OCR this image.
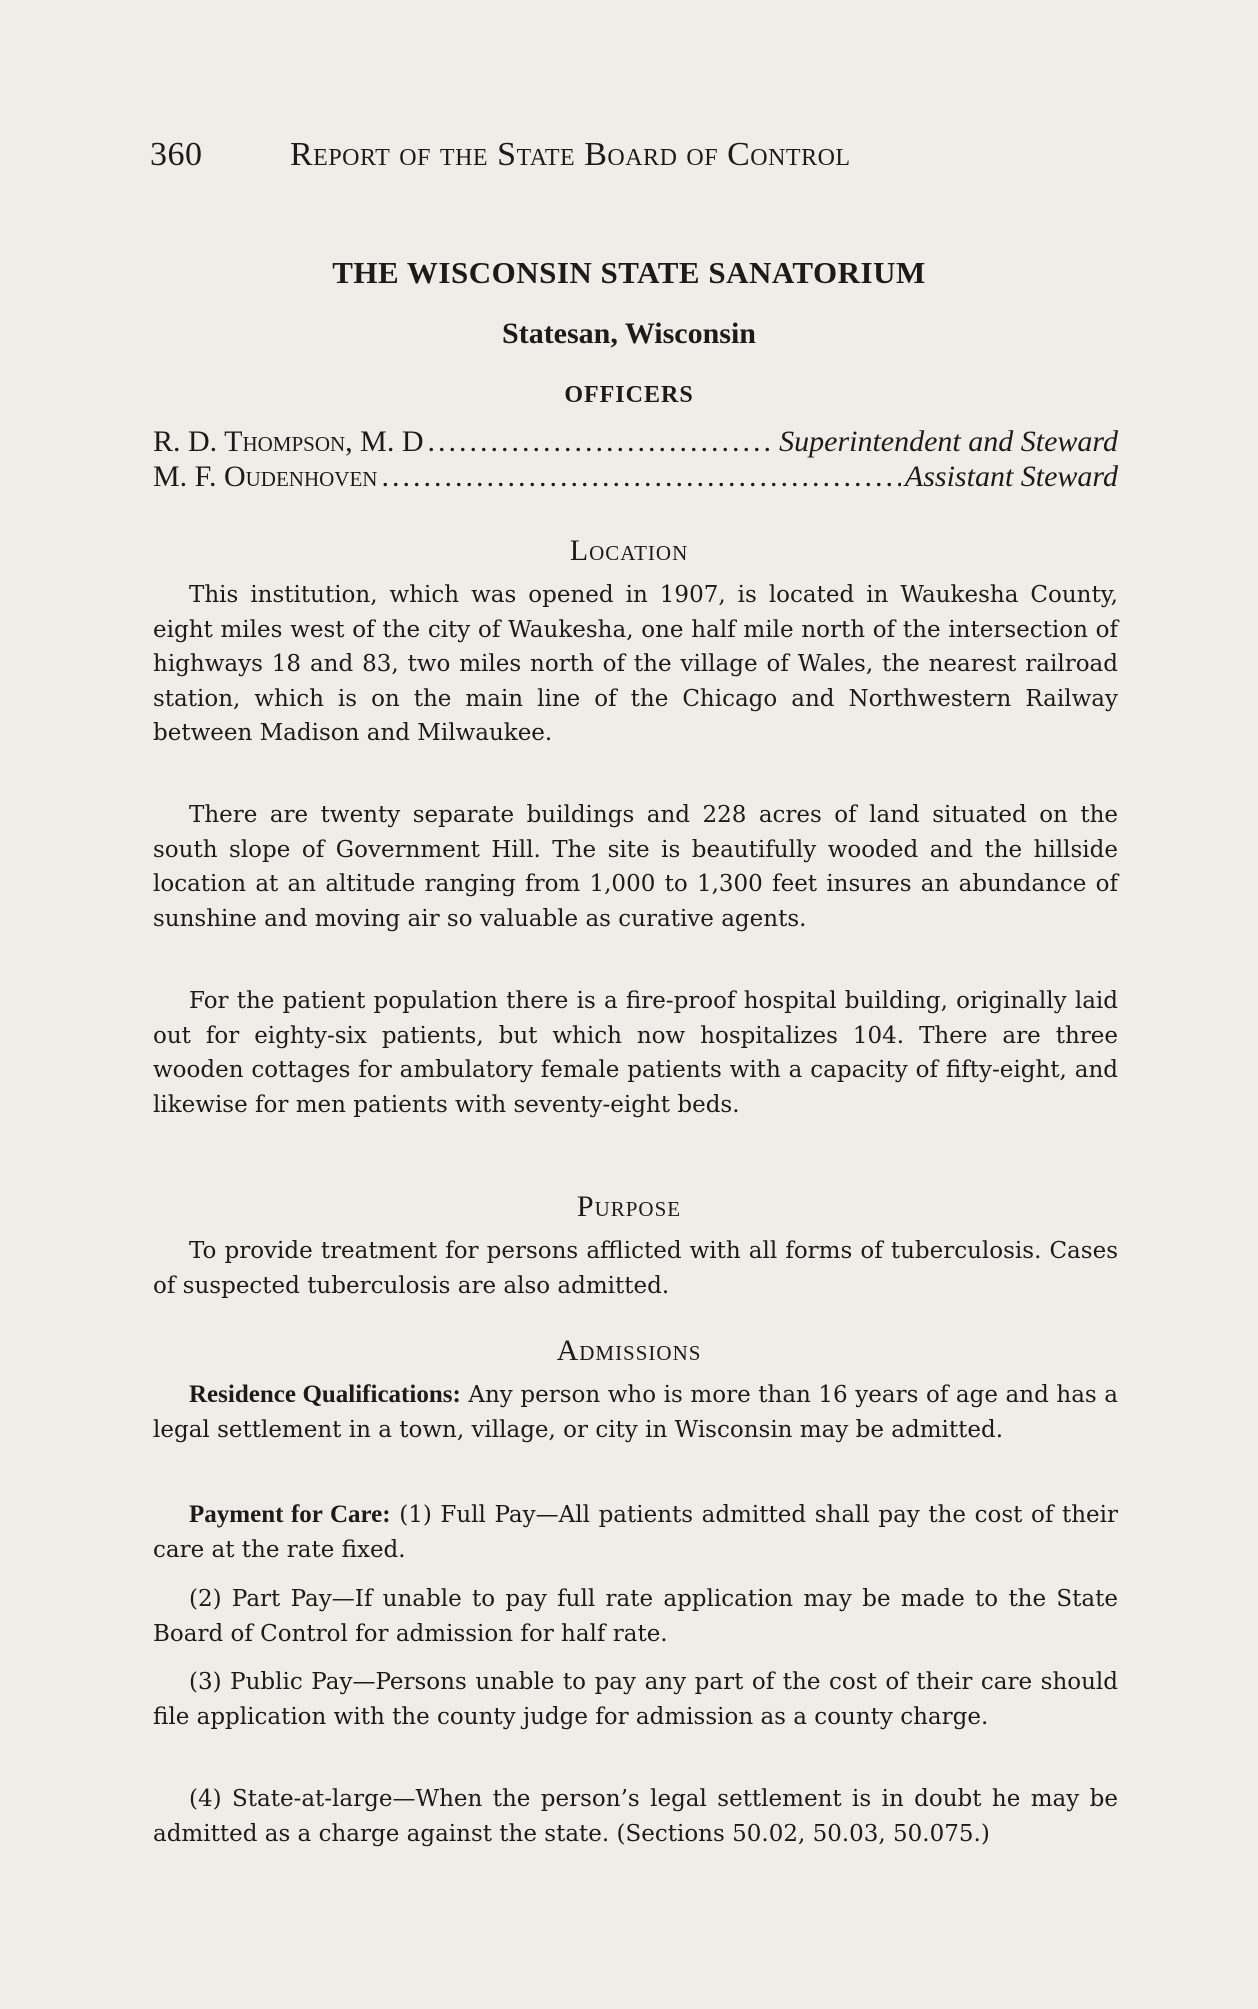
360	Report of the State Board of Control
THE WISCONSIN STATE SANATORIUM
Statesan, Wisconsin
OFFICERS
R. D. Thompson, M. D .....	Superintendent and Steward
M. F. Oudenhoven .....	Assistant Steward
Location

This institution, which was opened in 1907, is located in Waukesha County, eight miles west of the city of Waukesha, one half mile north of the intersection of highways 18 and 83, two miles north of the village of Wales, the nearest railroad station, which is on the main line of the Chicago and Northwestern Railway between Madison and Milwaukee.

There are twenty separate buildings and 228 acres of land situated on the south slope of Government Hill. The site is beautifully wooded and the hillside location at an altitude ranging from 1,000 to 1,300 feet insures an abundance of sunshine and moving air so valuable as curative agents.

For the patient population there is a fire-proof hospital building, originally laid out for eighty-six patients, but which now hospitalizes 104. There are three wooden cottages for ambulatory female patients with a capacity of fifty-eight, and likewise for men patients with seventy-eight beds.

Purpose

To provide treatment for persons afflicted with all forms of tuberculosis. Cases of suspected tuberculosis are also admitted.

Admissions

Residence Qualifications: Any person who is more than 16 years of age and has a legal settlement in a town, village, or city in Wisconsin may be admitted.

Payment for Care: (1) Full Pay—All patients admitted shall pay the cost of their care at the rate fixed.

(2) Part Pay—If unable to pay full rate application may be made to the State Board of Control for admission for half rate.

(3) Public Pay—Persons unable to pay any part of the cost of their care should file application with the county judge for admission as a county charge.

(4) State-at-large—When the person’s legal settlement is in doubt he may be admitted as a charge against the state. (Sections 50.02, 50.03, 50.075.)
